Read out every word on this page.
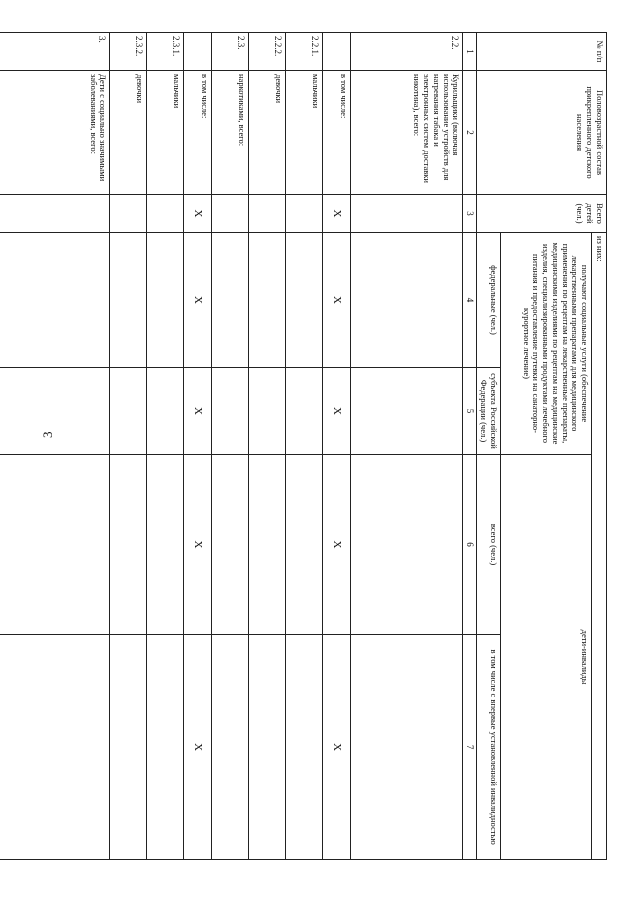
3
№ п/п	Половозрастной состав прикрепленного детского населения	Всего детей (чел.)	из них:			
			получают социальные услуги (обеспечение лекарственными препаратами для медицинского применения по рецептам на лекарственные препараты, медицинскими изделиями по рецептам на медицинские изделия, специализированными продуктами лечебного питания и предоставление путевки на санаторно-курортное лечение)		дети-инвалиды	
			федеральные (чел.)	субъекта Российской Федерации (чел.)	всего (чел.)	в том числе с впервые установленной инвалидностью

1	2	3	4	5	6	7
2.2.	Курильщики (включая использование устройств для нагревания табака и электронных систем доставки никотина), всего:					
	в том числе:	X	X	X	X	X
2.2.1.	мальчики					
2.2.2.	девочки					
2.3.	наркотиками, всего:					
	в том числе:	X	X	X	X	X
2.3.1.	мальчики					
2.3.2.	девочки					
3.	Дети с социально значимыми заболеваниями, всего:					
